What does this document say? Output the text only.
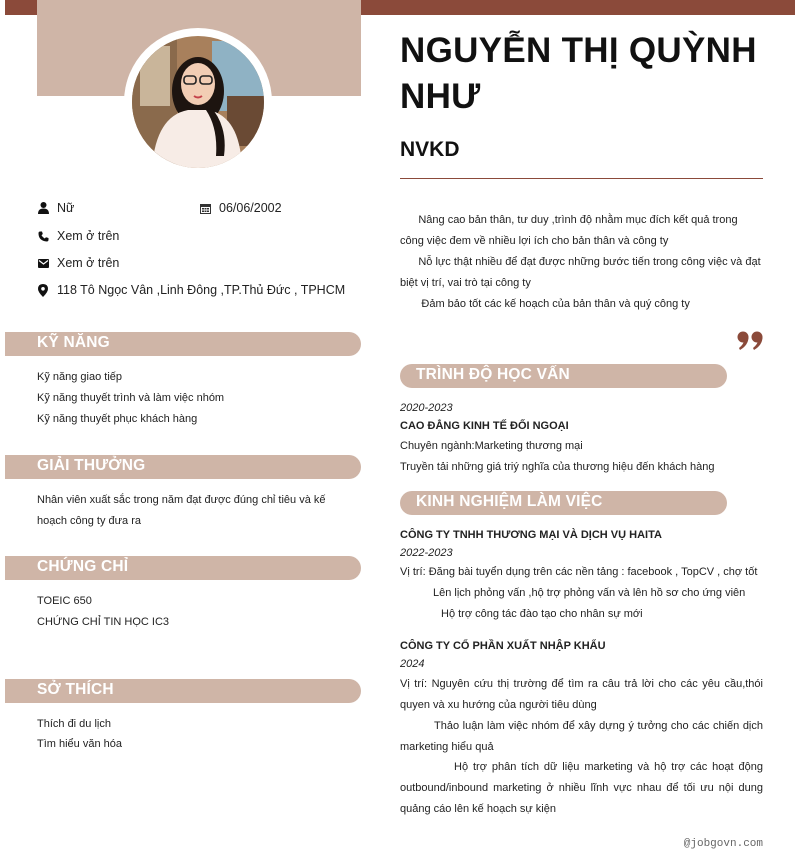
Nữ	06/06/2002
Xem ở trên
Xem ở trên
118 Tô Ngọc Vân ,Linh Đông ,TP.Thủ Đức , TPHCM
KỸ NĂNG
Kỹ năng giao tiếp
Kỹ năng thuyết trình và làm việc nhóm
Kỹ năng thuyết phục khách hàng
GIẢI THƯỞNG
Nhân viên xuất sắc trong năm đạt được đúng chỉ tiêu và kế
hoạch công ty đưa ra
CHỨNG CHỈ
TOEIC 650
CHỨNG CHỈ TIN HỌC IC3
SỞ THÍCH
Thích đi du lịch
Tìm hiểu văn hóa
NGUYỄN THỊ QUỲNH NHƯ
NVKD
Nâng cao bản thân, tư duy ,trình độ nhằm mục đích kết quả trong
công việc đem về nhiều lợi ích cho bản thân và công ty
Nỗ lực thật nhiều để đạt được những bước tiến trong công việc và đạt
biệt vị trí, vai trò tại công ty
Đảm bảo tốt các kế hoạch của bản thân và quý công ty
TRÌNH ĐỘ HỌC VẤN
2020-2023
CAO ĐẲNG KINH TẾ ĐỐI NGOẠI
Chuyên ngành:Marketing thương mại
Truyền tải những giá triý nghĩa của thương hiệu đến khách hàng
KINH NGHIỆM LÀM VIỆC
CÔNG TY TNHH THƯƠNG MẠI VÀ DỊCH VỤ HAITA
2022-2023
Vị trí: Đăng bài tuyển dụng trên các nền tảng : facebook , TopCV , chợ tốt
Lên lịch phỏng vấn ,hộ trợ phỏng vấn và lên hồ sơ cho ứng viên
Hộ trợ công tác đào tạo cho nhân sự mới
CÔNG TY CỔ PHẦN XUẤT NHẬP KHẨU
2024
Vị trí: Nguyên cứu thị trường để tìm ra câu trả lời cho các yêu cầu,thói quyen và xu hướng của người tiêu dùng
Thảo luận làm việc nhóm để xây dựng ý tưởng cho các chiến dịch marketing hiểu quả
Hộ trợ phân tích dữ liệu marketing và hộ trợ các hoạt động outbound/inbound marketing ở nhiều lĩnh vực nhau để tối ưu nội dung quảng cáo lên kế hoạch sự kiện
@jobgovn.com
